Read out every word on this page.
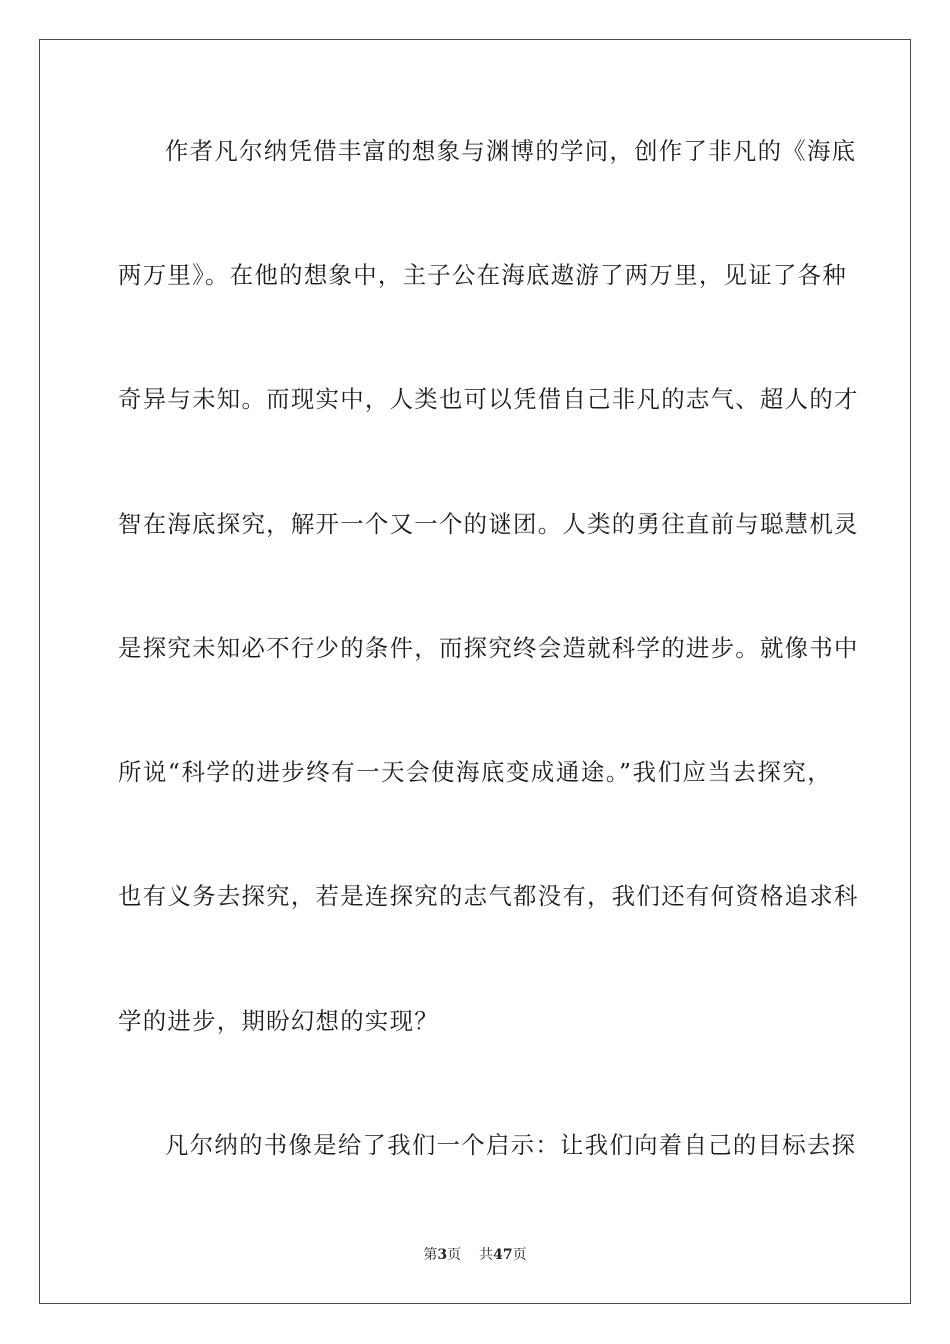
作者凡尔纳凭借丰富的想象与渊博的学问，创作了非凡的《海底
两万里》。在他的想象中，主子公在海底遨游了两万里，见证了各种
奇异与未知。而现实中，人类也可以凭借自己非凡的志气、超人的才
智在海底探究，解开一个又一个的谜团。人类的勇往直前与聪慧机灵
是探究未知必不行少的条件，而探究终会造就科学的进步。就像书中
所说“科学的进步终有一天会使海底变成通途。”我们应当去探究，
也有义务去探究，若是连探究的志气都没有，我们还有何资格追求科
学的进步，期盼幻想的实现？
凡尔纳的书像是给了我们一个启示：让我们向着自己的目标去探
第3页 共47页
